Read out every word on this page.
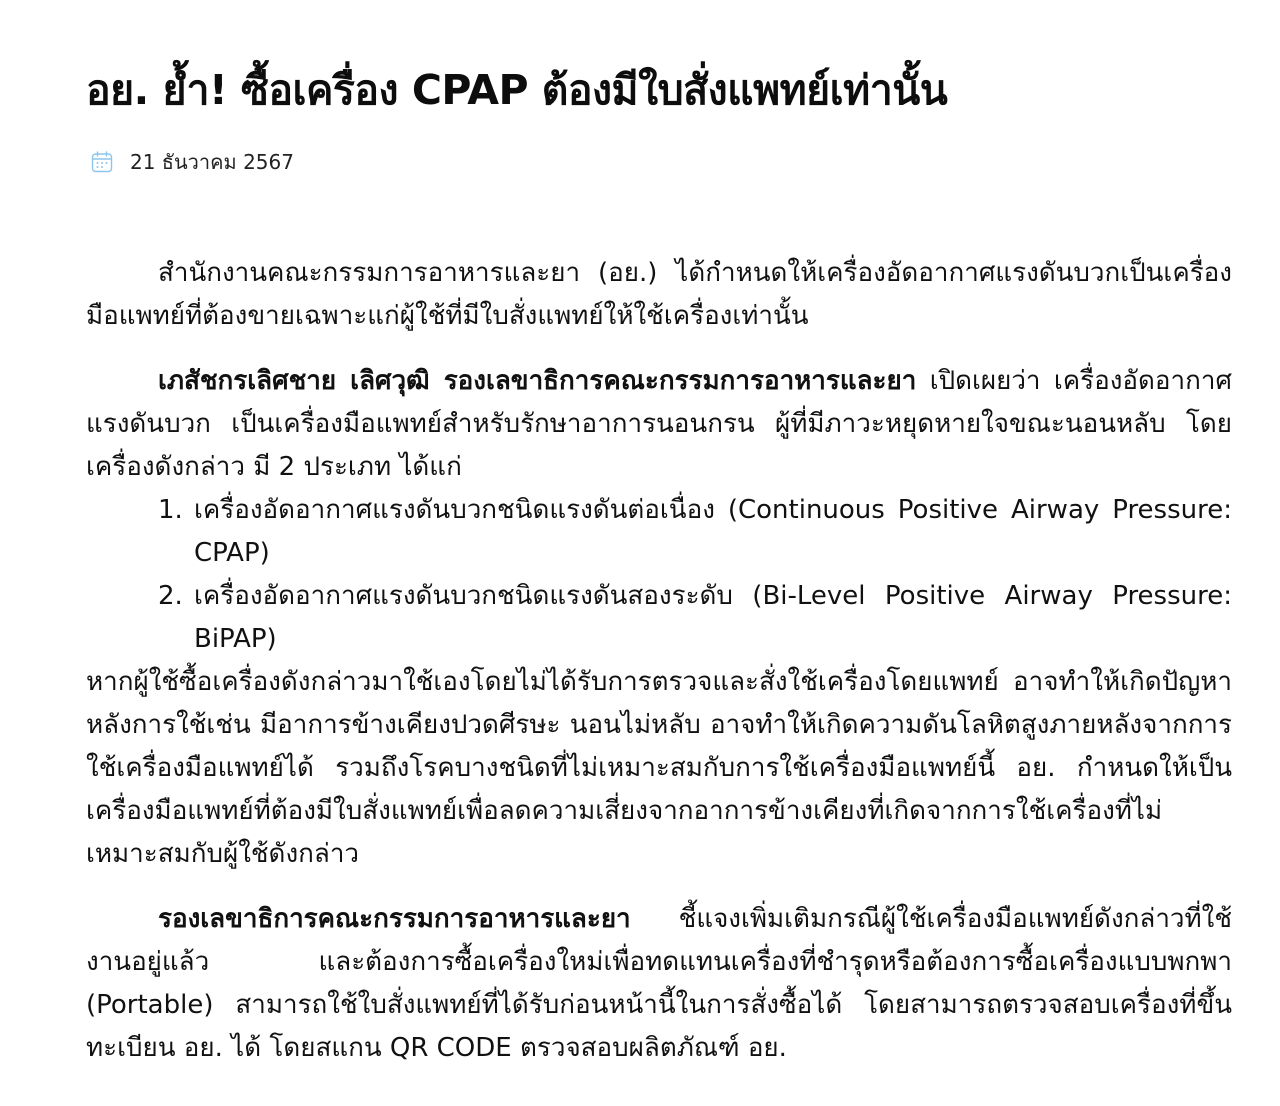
อย. ย้ำ! ซื้อเครื่อง CPAP ต้องมีใบสั่งแพทย์เท่านั้น
21 ธันวาคม 2567

สำนักงานคณะกรรมการอาหารและยา (อย.) ได้กำหนดให้เครื่องอัดอากาศแรงดันบวกเป็นเครื่องมือแพทย์ที่ต้องขายเฉพาะแก่ผู้ใช้ที่มีใบสั่งแพทย์ให้ใช้เครื่องเท่านั้น

เภสัชกรเลิศชาย เลิศวุฒิ รองเลขาธิการคณะกรรมการอาหารและยา เปิดเผยว่า เครื่องอัดอากาศแรงดันบวก เป็นเครื่องมือแพทย์สำหรับรักษาอาการนอนกรน ผู้ที่มีภาวะหยุดหายใจขณะนอนหลับ โดยเครื่องดังกล่าว มี 2 ประเภท ได้แก่

1. เครื่องอัดอากาศแรงดันบวกชนิดแรงดันต่อเนื่อง (Continuous Positive Airway Pressure: CPAP)
2. เครื่องอัดอากาศแรงดันบวกชนิดแรงดันสองระดับ (Bi-Level Positive Airway Pressure: BiPAP)

หากผู้ใช้ซื้อเครื่องดังกล่าวมาใช้เองโดยไม่ได้รับการตรวจและสั่งใช้เครื่องโดยแพทย์ อาจทำให้เกิดปัญหาหลังการใช้เช่น มีอาการข้างเคียงปวดศีรษะ นอนไม่หลับ อาจทำให้เกิดความดันโลหิตสูงภายหลังจากการใช้เครื่องมือแพทย์ได้ รวมถึงโรคบางชนิดที่ไม่เหมาะสมกับการใช้เครื่องมือแพทย์นี้ อย. กำหนดให้เป็นเครื่องมือแพทย์ที่ต้องมีใบสั่งแพทย์เพื่อลดความเสี่ยงจากอาการข้างเคียงที่เกิดจากการใช้เครื่องที่ไม่เหมาะสมกับผู้ใช้ดังกล่าว

รองเลขาธิการคณะกรรมการอาหารและยา ชี้แจงเพิ่มเติมกรณีผู้ใช้เครื่องมือแพทย์ดังกล่าวที่ใช้งานอยู่แล้ว และต้องการซื้อเครื่องใหม่เพื่อทดแทนเครื่องที่ชำรุดหรือต้องการซื้อเครื่องแบบพกพา (Portable) สามารถใช้ใบสั่งแพทย์ที่ได้รับก่อนหน้านี้ในการสั่งซื้อได้ โดยสามารถตรวจสอบเครื่องที่ขึ้นทะเบียน อย. ได้ โดยสแกน QR CODE ตรวจสอบผลิตภัณฑ์ อย.
